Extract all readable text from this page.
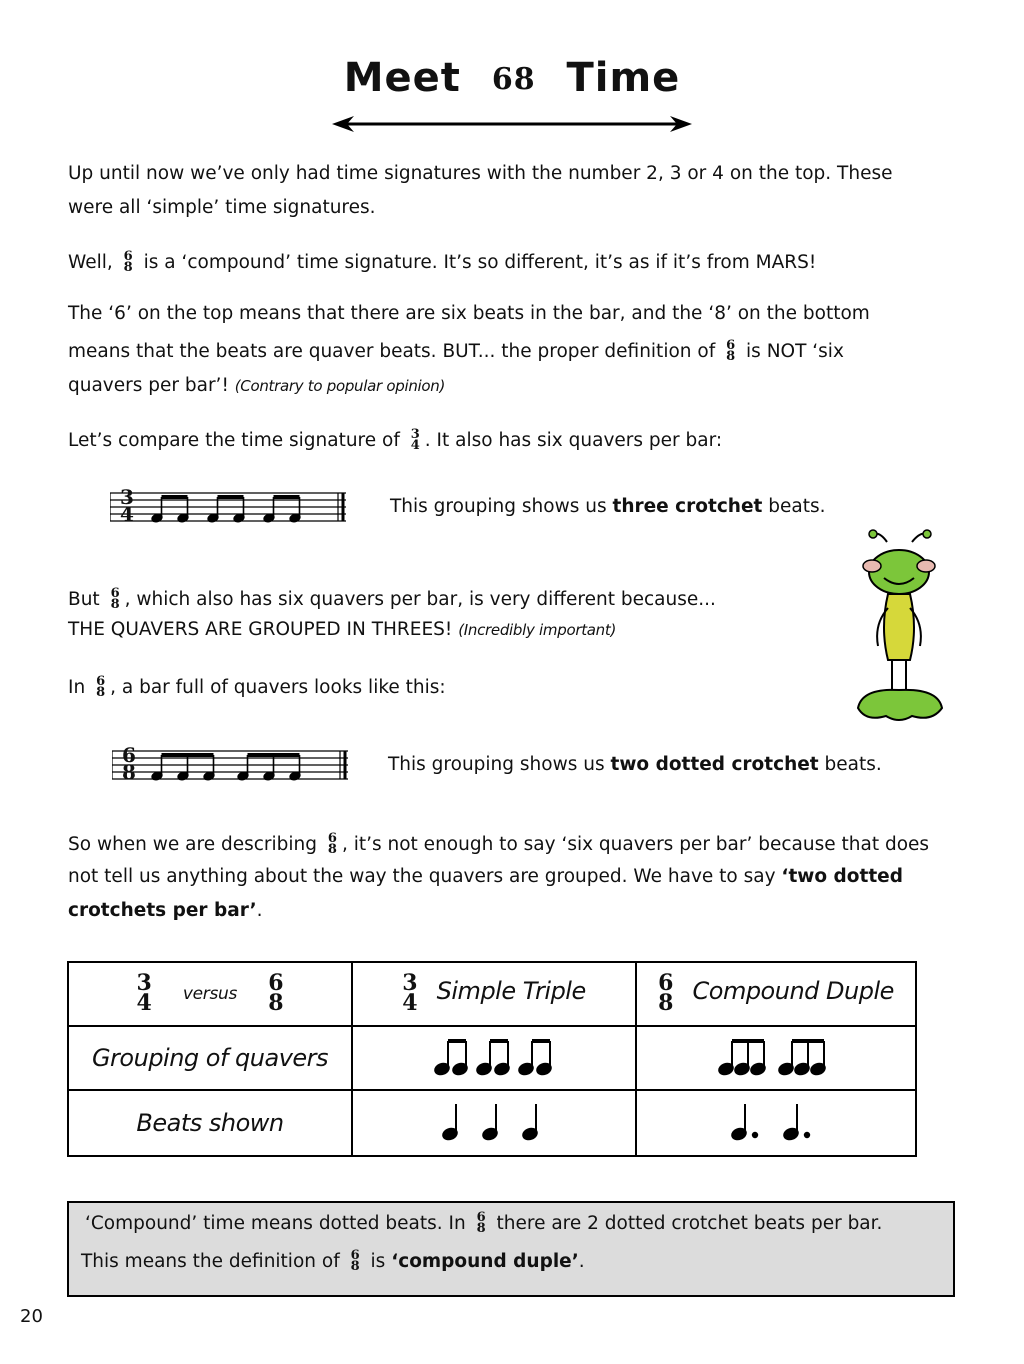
Meet 68 Time
Up until now we’ve only had time signatures with the number 2, 3 or 4 on the top. These
were all ‘simple’ time signatures.
Well, 6
8 is a ‘compound’ time signature. It’s so different, it’s as if it’s from MARS!
The ‘6’ on the top means that there are six beats in the bar, and the ‘8’ on the bottom
means that the beats are quaver beats. BUT... the proper definition of 6
8 is NOT ‘six
quavers per bar’! (Contrary to popular opinion)
Let’s compare the time signature of 3
4 . It also has six quavers per bar:
3
4	This grouping shows us three crotchet beats.
But 6
8 , which also has six quavers per bar, is very different because...
THE QUAVERS ARE GROUPED IN THREES! (Incredibly important)
In 6
8 , a bar full of quavers looks like this:
6
8	This grouping shows us two dotted crotchet beats.
So when we are describing 6
8 , it’s not enough to say ‘six quavers per bar’ because that does
not tell us anything about the way the quavers are grouped. We have to say ‘two dotted
crotchets per bar’.
3
4 versus 6
8	3
4 Simple Triple	6
8 Compound Duple
Grouping of quavers		
Beats shown		

‘Compound’ time means dotted beats. In 6
8 there are 2 dotted crotchet beats per bar.

This means the definition of 6
8 is ‘compound duple’.

20
